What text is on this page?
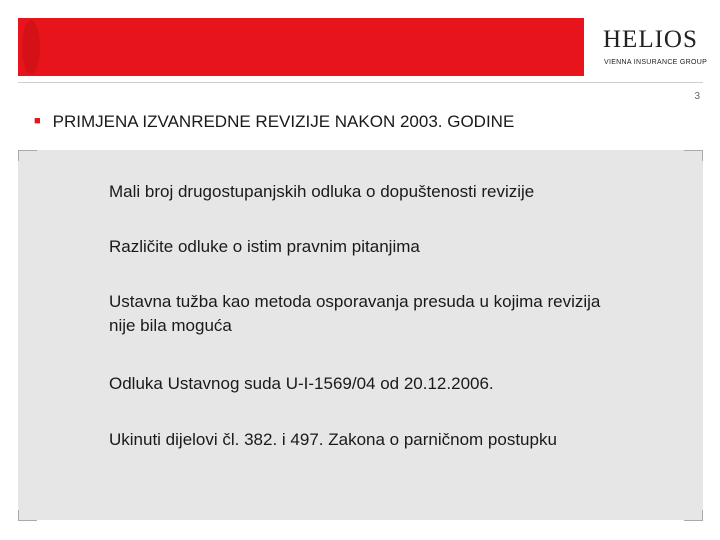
HELIOS
VIENNA INSURANCE GROUP
3
■ PRIMJENA IZVANREDNE REVIZIJE NAKON 2003. GODINE
Mali broj drugostupanjskih odluka o dopuštenosti revizije
Različite odluke o istim pravnim pitanjima
Ustavna tužba kao metoda osporavanja presuda u kojima revizija nije bila moguća
Odluka Ustavnog suda U-I-1569/04 od 20.12.2006.
Ukinuti dijelovi čl. 382. i 497. Zakona o parničnom postupku
